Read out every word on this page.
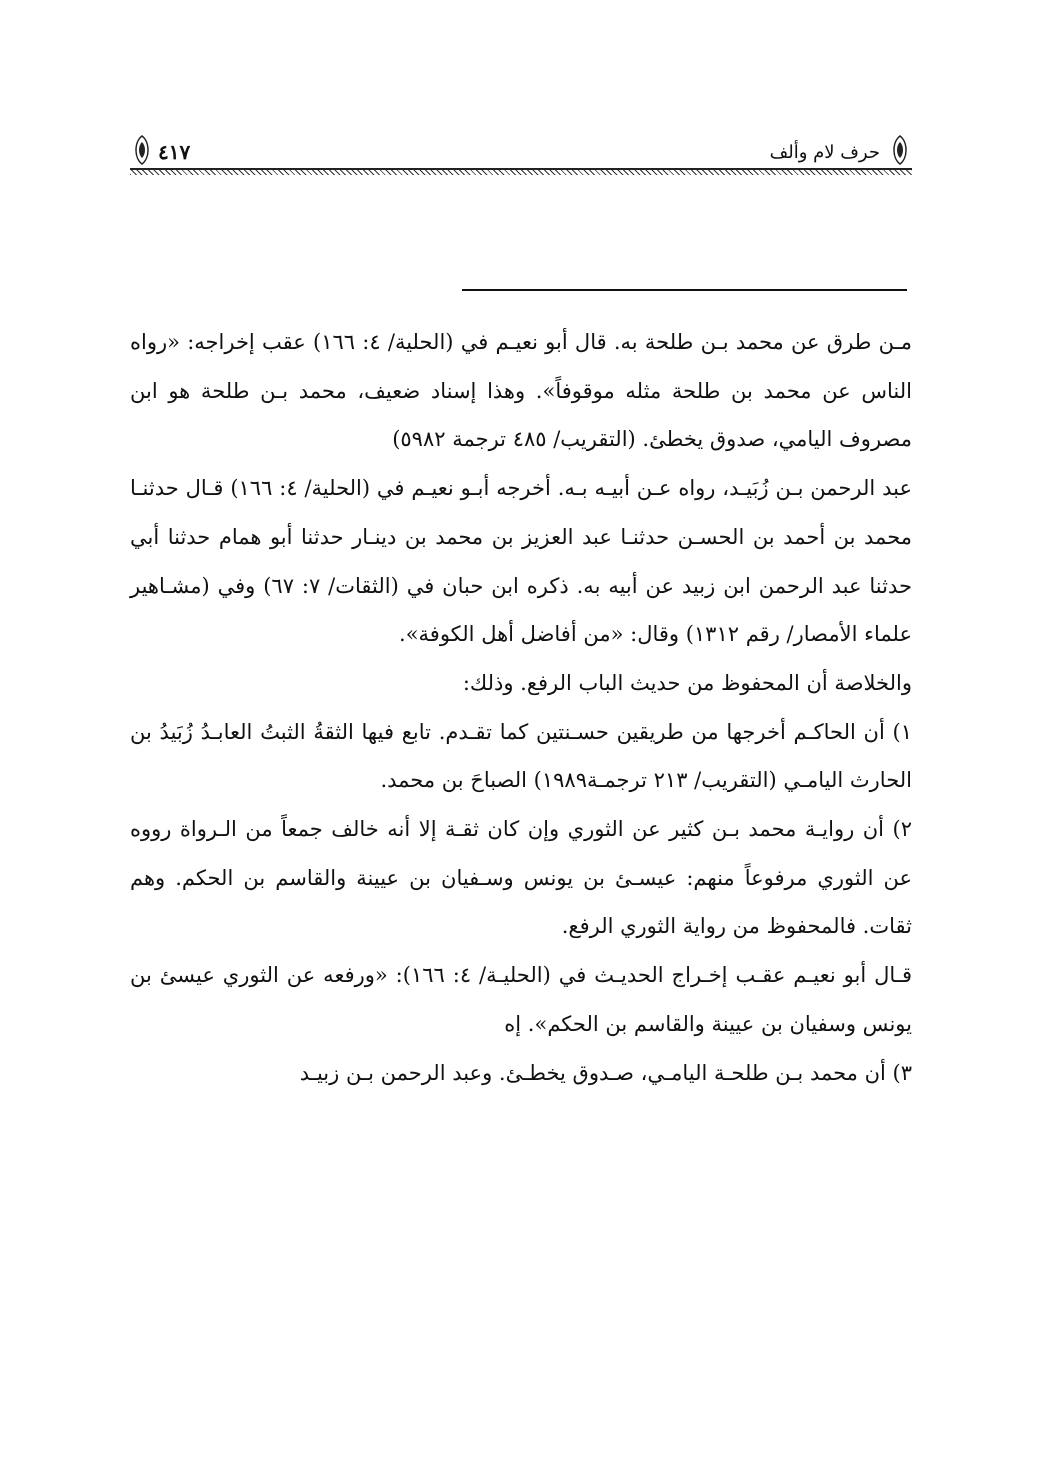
حرف لام وألف
٤١٧

مـن طرق عن محمد بـن طلحة به. قال أبو نعيـم في (الحلية/ ٤: ١٦٦) عقب إخراجه: «رواه الناس عن محمد بن طلحة مثله موقوفاً». وهذا إسناد ضعيف، محمد بـن طلحة هو ابن مصروف اليامي، صدوق يخطئ. (التقريب/ ٤٨٥ ترجمة ٥٩٨٢)

عبد الرحمن بـن زُبَيـد، رواه عـن أبيـه بـه. أخرجه أبـو نعيـم في (الحلية/ ٤: ١٦٦) قـال حدثنـا محمد بن أحمد بن الحسـن حدثنـا عبد العزيز بن محمد بن دينـار حدثنا أبو همام حدثنا أبي حدثنا عبد الرحمن ابن زبيد عن أبيه به. ذكره ابن حبان في (الثقات/ ٧: ٦٧) وفي (مشـاهير علماء الأمصار/ رقم ١٣١٢) وقال: «من أفاضل أهل الكوفة».

والخلاصة أن المحفوظ من حديث الباب الرفع. وذلك:

١) أن الحاكـم أخرجها من طريقين حسـنتين كما تقـدم. تابع فيها الثقةُ الثبتُ العابـدُ زُبَيدُ بن الحارث اليامـي (التقريب/ ٢١٣ ترجمـة١٩٨٩) الصباحَ بن محمد.

٢) أن روايـة محمد بـن كثير عن الثوري وإن كان ثقـة إلا أنه خالف جمعاً من الـرواة رووه عن الثوري مرفوعاً منهم: عيسـئ بن يونس وسـفيان بن عيينة والقاسم بن الحكم. وهم ثقات. فالمحفوظ من رواية الثوري الرفع.

قـال أبو نعيـم عقـب إخـراج الحديـث في (الحليـة/ ٤: ١٦٦): «ورفعه عن الثوري عيسئ بن يونس وسفيان بن عيينة والقاسم بن الحكم». إه

٣) أن محمد بـن طلحـة اليامـي، صـدوق يخطـئ. وعبد الرحمن بـن زبيـد
